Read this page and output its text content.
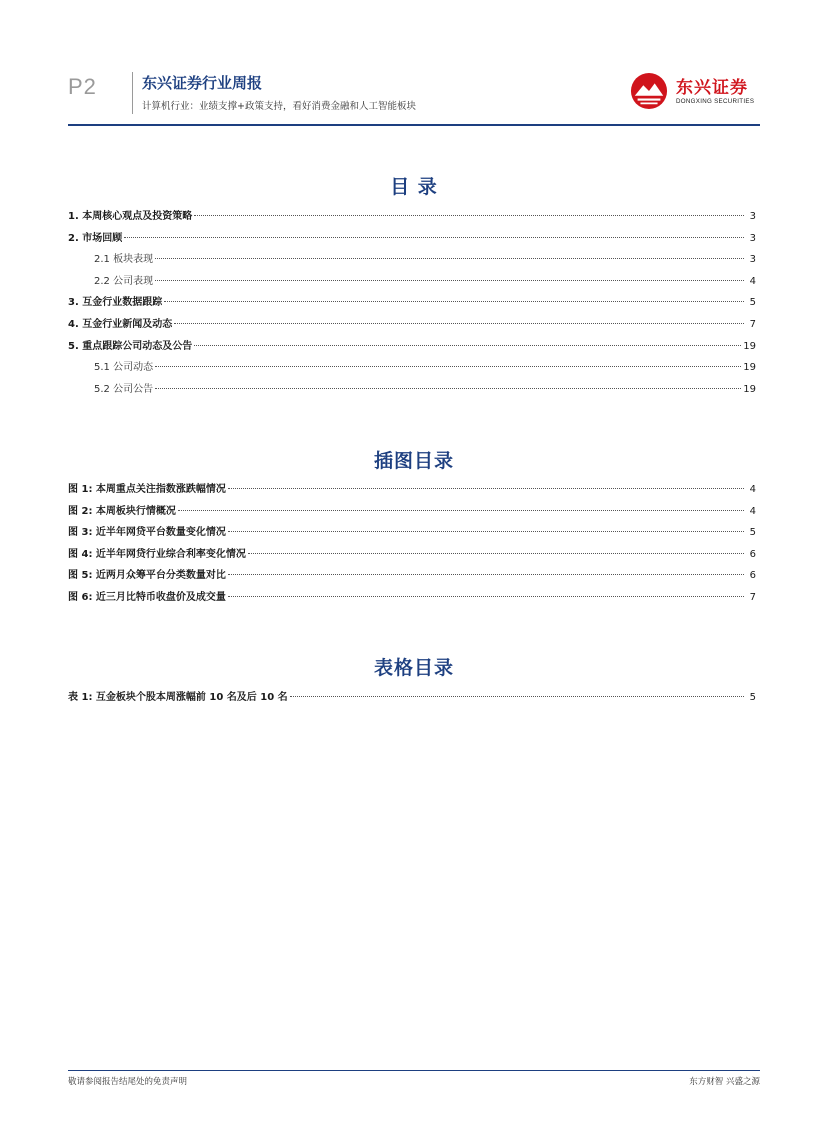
P2	东兴证券行业周报
计算机行业：业绩支撑+政策支持，看好消费金融和人工智能板块
东兴证券
DONGXING SECURITIES
目 录
1. 本周核心观点及投资策略	3
2. 市场回顾	3
2.1 板块表现	3
2.2 公司表现	4
3. 互金行业数据跟踪	5
4. 互金行业新闻及动态	7
5. 重点跟踪公司动态及公告	19
5.1 公司动态	19
5.2 公司公告	19
插图目录
图 1: 本周重点关注指数涨跌幅情况	4
图 2: 本周板块行情概况	4
图 3: 近半年网贷平台数量变化情况	5
图 4: 近半年网贷行业综合利率变化情况	6
图 5: 近两月众筹平台分类数量对比	6
图 6: 近三月比特币收盘价及成交量	7
表格目录
表 1: 互金板块个股本周涨幅前 10 名及后 10 名	5
敬请参阅报告结尾处的免责声明	东方财智 兴盛之源
